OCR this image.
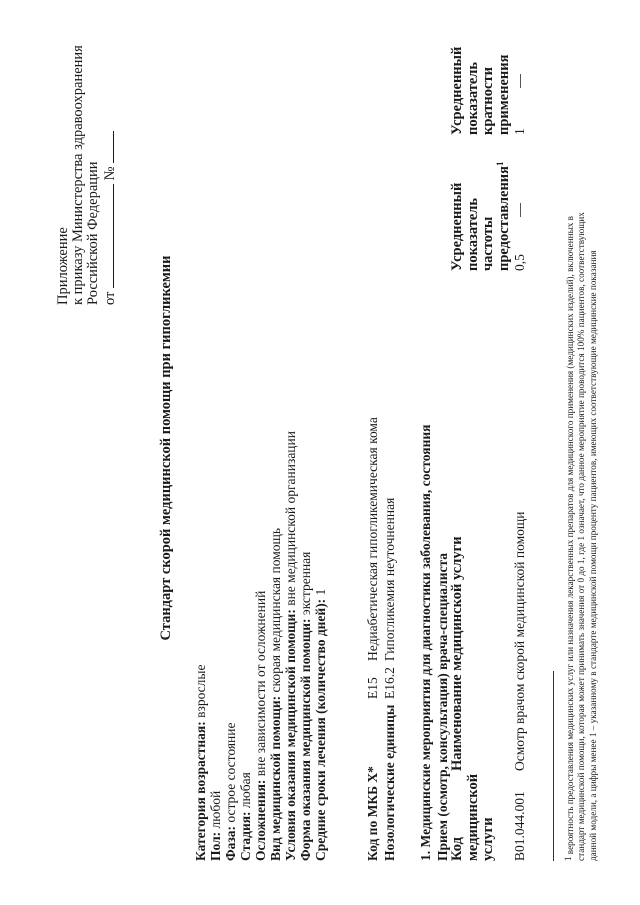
Приложение к приказу Министерства здравоохранения Российской Федерации от  №
Стандарт скорой медицинской помощи при гипогликемии
Категория возрастная: взрослые
Пол: любой
Фаза: острое состояние
Стадия: любая Осложнения: вне зависимости от осложнений Вид медицинской помощи: скорая медицинская помощь Условия оказания медицинской помощи: вне медицинской организации
Форма оказания медицинской помощи: экстренная
Средние сроки лечения (количество дней): 1
Код по МКБ X* Нозологические единицы
E15 E16.2
Недиабетическая гипогликемическая кома Гипогликемия неуточненная 1. Медицинские мероприятия для диагностики заболевания, состояния Прием (осмотр, консультация) врача-специалиста Код медицинской услуги
Наименование медицинской услуги
Усредненный показатель частоты предоставления$^1$
Усредненный показатель кратности применения
B01.044.001
Осмотр врачом скорой медицинской помощи
0,5
1
$^1$ вероятность предоставления медицинских услуг или назначения лекарственных препаратов для медицинского применения (медицинских изделий), включенных в стандарт медицинской помощи, которая может принимать значения от 0 до 1, где 1 означает, что данное мероприятие проводится 100% пациентов, соответствующих данной модели, а цифры менее 1 – указанному в стандарте медицинской помощи проценту пациентов, имеющих соответствующие медицинские показания
